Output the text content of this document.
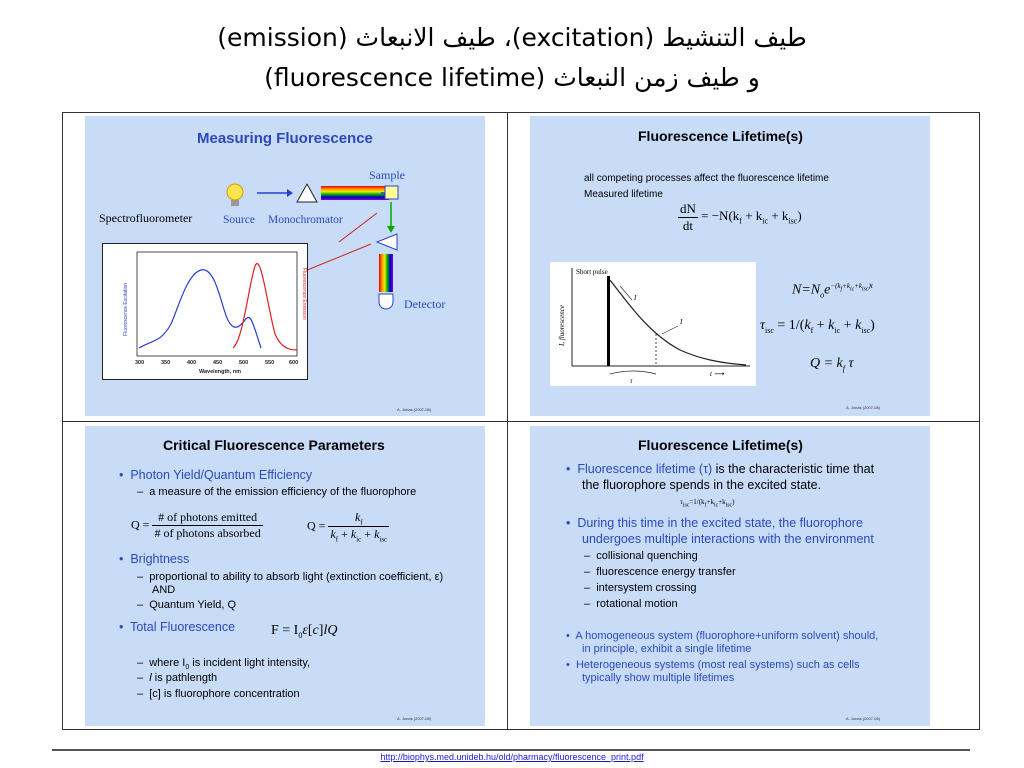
طيف التنشيط (excitation)، طيف الانبعاث (emission)
و طيف زمن النبعاث (fluorescence lifetime)
Measuring Fluorescence
Sample
Spectrofluorometer	Source Monochromator
Detector
300	350	400	450	500	550	600
Wavelength, nm
Fluorescence Excitation	Fluorescence Emission
A. Jonas (2007-08)
Fluorescence Lifetime(s)
all competing processes affect the fluorescence lifetime
Measured lifetime
$\frac{dN}{dt} = -N(k_f + k_{ic} + k_{isc})$
Short pulse
I
I
τ
t ⟶
I, fluorescence
$N=N_oe^{-(k_f+k_{ic}+k_{isc})t}$
$\tau_{isc} = 1/(k_f + k_{ic} + k_{isc})$
$Q = k_f$ τ
A. Jonas (2007-08)
Critical Fluorescence Parameters
•  Photon Yield/Quantum Efficiency
–  a measure of the emission efficiency of the fluorophore
$Q = \frac{\text{\# of photons emitted}}{\text{\# of photons absorbed}}$	$Q = \frac{k_f}{k_f + k_{ic} + k_{isc}}$
•  Brightness
–  proportional to ability to absorb light (extinction coefficient, ε)
AND
–  Quantum Yield, Q
•  Total Fluorescence	$F = I_0\varepsilon[c]lQ$
–  where $I_0$ is incident light intensity,
–  l is pathlength
–  [c] is fluorophore concentration
A. Jonas (2007-08)
Fluorescence Lifetime(s)
•  Fluorescence lifetime (τ) is the characteristic time that
the fluorophore spends in the excited state.
$\tau_{isc}=1/(k_f+k_{ic}+k_{isc})$
•  During this time in the excited state, the fluorophore
undergoes multiple interactions with the environment
–  collisional quenching
–  fluorescence energy transfer
–  intersystem crossing
–  rotational motion
•  A homogeneous system (fluorophore+uniform solvent) should,
in principle, exhibit a single lifetime
•  Heterogeneous systems (most real systems) such as cells
typically show multiple lifetimes
A. Jonas (2007-08)
http://biophys.med.unideb.hu/old/pharmacy/fluorescence_print.pdf
